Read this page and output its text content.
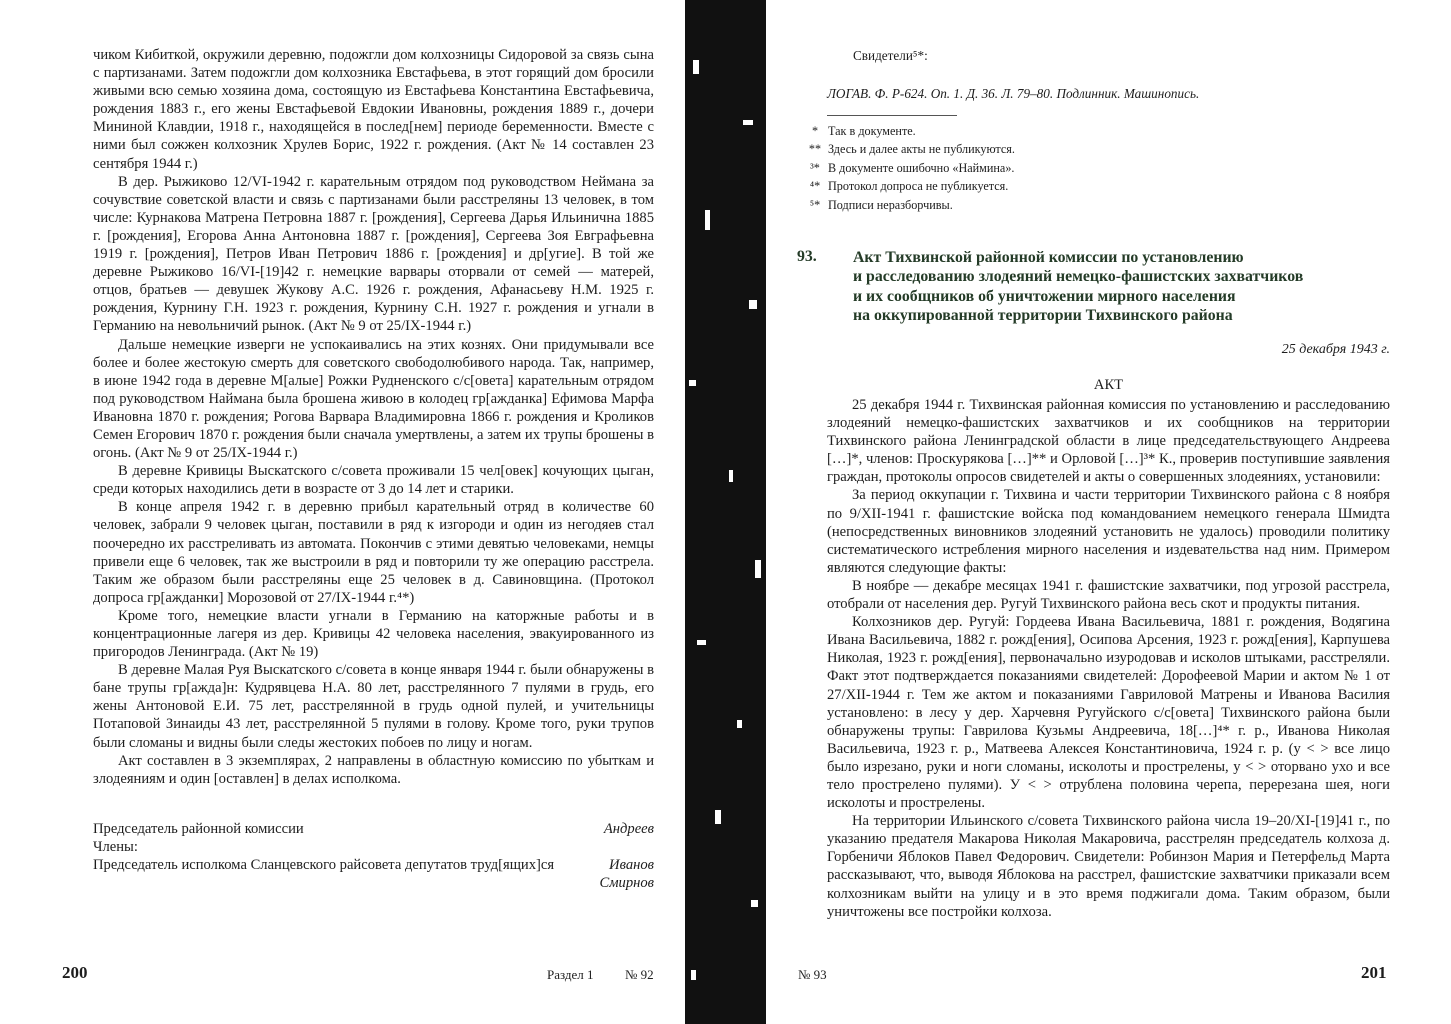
чиком Кибиткой, окружили деревню, подожгли дом колхозницы Сидоровой за связь сына с партизанами. Затем подожгли дом колхозника Евстафьева, в этот горящий дом бросили живыми всю семью хозяина дома, состоящую из Евстафьева Константина Евстафьевича, рождения 1883 г., его жены Евстафьевой Евдокии Ивановны, рождения 1889 г., дочери Мининой Клавдии, 1918 г., находящейся в послед[нем] периоде беременности. Вместе с ними был сожжен колхозник Хрулев Борис, 1922 г. рождения. (Акт № 14 составлен 23 сентября 1944 г.)

В дер. Рыжиково 12/VI-1942 г. карательным отрядом под руководством Неймана за сочувствие советской власти и связь с партизанами были расстреляны 13 человек, в том числе: Курнакова Матрена Петровна 1887 г. [рождения], Сергеева Дарья Ильинична 1885 г. [рождения], Егорова Анна Антоновна 1887 г. [рождения], Сергеева Зоя Евграфьевна 1919 г. [рождения], Петров Иван Петрович 1886 г. [рождения] и др[угие]. В той же деревне Рыжиково 16/VI-[19]42 г. немецкие варвары оторвали от семей — матерей, отцов, братьев — девушек Жукову А.С. 1926 г. рождения, Афанасьеву Н.М. 1925 г. рождения, Курнину Г.Н. 1923 г. рождения, Курнину С.Н. 1927 г. рождения и угнали в Германию на невольничий рынок. (Акт № 9 от 25/IX-1944 г.)

Дальше немецкие изверги не успокаивались на этих кознях. Они придумывали все более и более жестокую смерть для советского свободолюбивого народа. Так, например, в июне 1942 года в деревне М[алые] Рожки Рудненского с/с[овета] карательным отрядом под руководством Наймана была брошена живою в колодец гр[ажданка] Ефимова Марфа Ивановна 1870 г. рождения; Рогова Варвара Владимировна 1866 г. рождения и Кроликов Семен Егорович 1870 г. рождения были сначала умертвлены, а затем их трупы брошены в огонь. (Акт № 9 от 25/IX-1944 г.)

В деревне Кривицы Выскатского с/совета проживали 15 чел[овек] кочующих цыган, среди которых находились дети в возрасте от 3 до 14 лет и старики.

В конце апреля 1942 г. в деревню прибыл карательный отряд в количестве 60 человек, забрали 9 человек цыган, поставили в ряд к изгороди и один из негодяев стал поочередно их расстреливать из автомата. Покончив с этими девятью человеками, немцы привели еще 6 человек, так же выстроили в ряд и повторили ту же операцию расстрела. Таким же образом были расстреляны еще 25 человек в д. Савиновщина. (Протокол допроса гр[ажданки] Морозовой от 27/IX-1944 г.⁴*)

Кроме того, немецкие власти угнали в Германию на каторжные работы и в концентрационные лагеря из дер. Кривицы 42 человека населения, эвакуированного из пригородов Ленинграда. (Акт № 19)

В деревне Малая Руя Выскатского с/совета в конце января 1944 г. были обнаружены в бане трупы гр[ажда]н: Кудрявцева Н.А. 80 лет, расстрелянного 7 пулями в грудь, его жены Антоновой Е.И. 75 лет, расстрелянной в грудь одной пулей, и учительницы Потаповой Зинаиды 43 лет, расстрелянной 5 пулями в голову. Кроме того, руки трупов были сломаны и видны были следы жестоких побоев по лицу и ногам.

Акт составлен в 3 экземплярах, 2 направлены в областную комиссию по убыткам и злодеяниям и один [оставлен] в делах исполкома.

Председатель районной комиссии	Андреев
Члены:
Председатель исполкома Сланцевского райсовета депутатов труд[ящих]ся	Иванов
Смирнов
200	Раздел 1 № 92
Свидетели⁵*:
ЛОГАВ. Ф. Р-624. Оп. 1. Д. 36. Л. 79–80. Подлинник. Машинопись.
* Так в документе.
** Здесь и далее акты не публикуются.
³* В документе ошибочно «Наймина».
⁴* Протокол допроса не публикуется.
⁵* Подписи неразборчивы.
93. Акт Тихвинской районной комиссии по установлению
и расследованию злодеяний немецко-фашистских захватчиков
и их сообщников об уничтожении мирного населения
на оккупированной территории Тихвинского района
25 декабря 1943 г.
АКТ

25 декабря 1944 г. Тихвинская районная комиссия по установлению и расследованию злодеяний немецко-фашистских захватчиков и их сообщников на территории Тихвинского района Ленинградской области в лице председательствующего Андреева […]*, членов: Проскурякова […]** и Орловой […]³* К., проверив поступившие заявления граждан, протоколы опросов свидетелей и акты о совершенных злодеяниях, установили:

За период оккупации г. Тихвина и части территории Тихвинского района с 8 ноября по 9/XII-1941 г. фашистские войска под командованием немецкого генерала Шмидта (непосредственных виновников злодеяний установить не удалось) проводили политику систематического истребления мирного населения и издевательства над ним. Примером являются следующие факты:

В ноябре — декабре месяцах 1941 г. фашистские захватчики, под угрозой расстрела, отобрали от населения дер. Ругуй Тихвинского района весь скот и продукты питания.

Колхозников дер. Ругуй: Гордеева Ивана Васильевича, 1881 г. рождения, Водягина Ивана Васильевича, 1882 г. рожд[ения], Осипова Арсения, 1923 г. рожд[ения], Карпушева Николая, 1923 г. рожд[ения], первоначально изуродовав и исколов штыками, расстреляли. Факт этот подтверждается показаниями свидетелей: Дорофеевой Марии и актом № 1 от 27/XII-1944 г. Тем же актом и показаниями Гавриловой Матрены и Иванова Василия установлено: в лесу у дер. Харчевня Ругуйского с/с[овета] Тихвинского района были обнаружены трупы: Гаврилова Кузьмы Андреевича, 18[…]⁴* г. р., Иванова Николая Васильевича, 1923 г. р., Матвеева Алексея Константиновича, 1924 г. р. (у < > все лицо было изрезано, руки и ноги сломаны, исколоты и прострелены, у < > оторвано ухо и все тело прострелено пулями). У < > отрублена половина черепа, перерезана шея, ноги исколоты и прострелены.

На территории Ильинского с/совета Тихвинского района числа 19–20/XI-[19]41 г., по указанию предателя Макарова Николая Макаровича, расстрелян председатель колхоза д. Горбеничи Яблоков Павел Федорович. Свидетели: Робинзон Мария и Петерфельд Марта рассказывают, что, выводя Яблокова на расстрел, фашистские захватчики приказали всем колхозникам выйти на улицу и в это время поджигали дома. Таким образом, были уничтожены все постройки колхоза.

№ 93	201
